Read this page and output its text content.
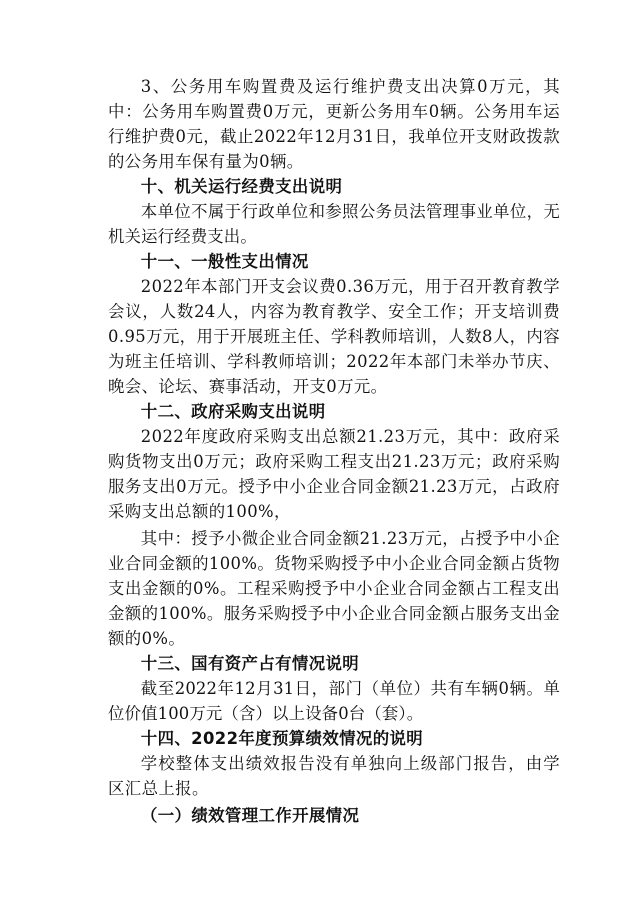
3、公务用车购置费及运行维护费支出决算0万元，其中：公务用车购置费0万元，更新公务用车0辆。公务用车运行维护费0元，截止2022年12月31日，我单位开支财政拨款的公务用车保有量为0辆。

十、机关运行经费支出说明

本单位不属于行政单位和参照公务员法管理事业单位，无机关运行经费支出。

十一、一般性支出情况

2022年本部门开支会议费0.36万元，用于召开教育教学会议，人数24人，内容为教育教学、安全工作；开支培训费0.95万元，用于开展班主任、学科教师培训，人数8人，内容为班主任培训、学科教师培训；2022年本部门未举办节庆、晚会、论坛、赛事活动，开支0万元。

十二、政府采购支出说明

2022年度政府采购支出总额21.23万元，其中：政府采购货物支出0万元；政府采购工程支出21.23万元；政府采购服务支出0万元。授予中小企业合同金额21.23万元，占政府采购支出总额的100%，

其中：授予小微企业合同金额21.23万元，占授予中小企业合同金额的100%。货物采购授予中小企业合同金额占货物支出金额的0%。工程采购授予中小企业合同金额占工程支出金额的100%。服务采购授予中小企业合同金额占服务支出金额的0%。

十三、国有资产占有情况说明

截至2022年12月31日，部门（单位）共有车辆0辆。单位价值100万元（含）以上设备0台（套）。

十四、2022年度预算绩效情况的说明

学校整体支出绩效报告没有单独向上级部门报告，由学区汇总上报。

（一）绩效管理工作开展情况
